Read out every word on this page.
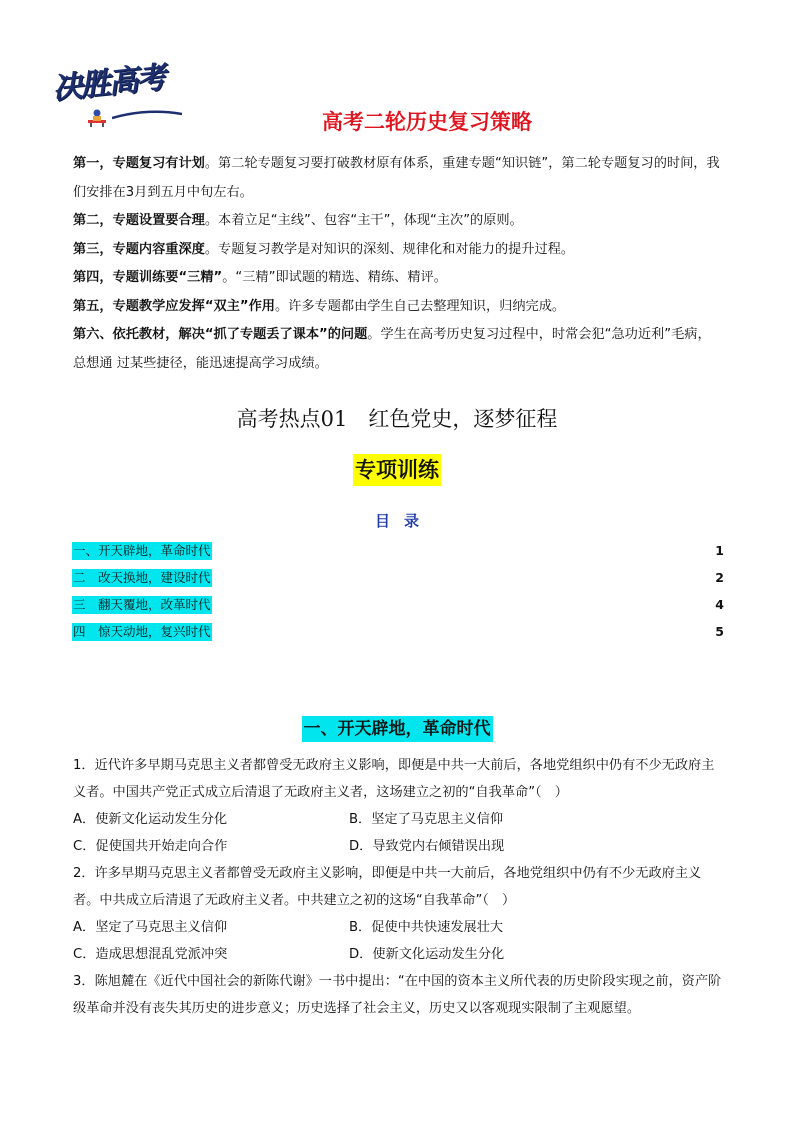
决胜高考
高考二轮历史复习策略

第一，专题复习有计划。第二轮专题复习要打破教材原有体系，重建专题“知识链”，第二轮专题复习的时间，我们安排在3月到五月中旬左右。

第二，专题设置要合理。本着立足“主线”、包容“主干”，体现“主次”的原则。

第三，专题内容重深度。专题复习教学是对知识的深刻、规律化和对能力的提升过程。

第四，专题训练要“三精”。“三精”即试题的精选、精练、精评。

第五，专题教学应发挥“双主”作用。许多专题都由学生自己去整理知识，归纳完成。

第六、依托教材，解决“抓了专题丢了课本”的问题。学生在高考历史复习过程中，时常会犯“急功近利”毛病，总想通 过某些捷径，能迅速提高学习成绩。

高考热点01　红色党史，逐梦征程
专项训练
目录
一、开天辟地，革命时代	1
二　改天换地，建设时代	2
三　翻天覆地，改革时代	4
四　惊天动地，复兴时代	5
一、开天辟地，革命时代

1．近代许多早期马克思主义者都曾受无政府主义影响，即便是中共一大前后，各地党组织中仍有不少无政府主义者。中国共产党正式成立后清退了无政府主义者，这场建立之初的“自我革命”（　）

A．使新文化运动发生分化	B．坚定了马克思主义信仰
C．促使国共开始走向合作	D．导致党内右倾错误出现

2．许多早期马克思主义者都曾受无政府主义影响，即便是中共一大前后，各地党组织中仍有不少无政府主义者。中共成立后清退了无政府主义者。中共建立之初的这场“自我革命”（　）

A．坚定了马克思主义信仰	B．促使中共快速发展壮大
C．造成思想混乱党派冲突	D．使新文化运动发生分化

3．陈旭麓在《近代中国社会的新陈代谢》一书中提出：“在中国的资本主义所代表的历史阶段实现之前，资产阶级革命并没有丧失其历史的进步意义；历史选择了社会主义，历史又以客观现实限制了主观愿望。
